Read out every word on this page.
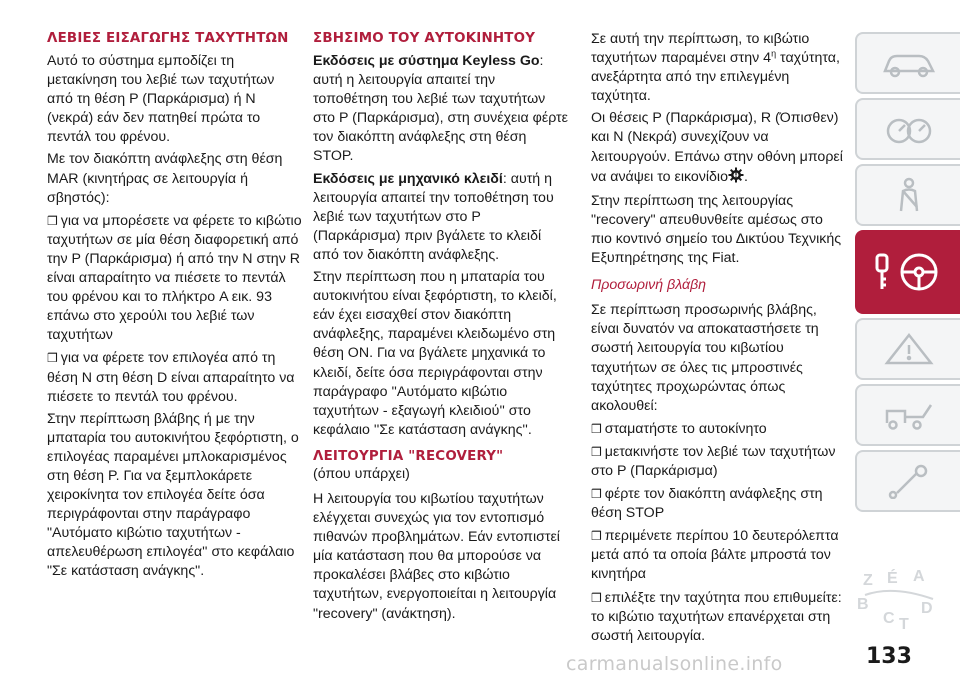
ΛΕΒΙΕΣ ΕΙΣΑΓΩΓΗΣ ΤΑΧΥΤΗΤΩΝ

Αυτό το σύστημα εμποδίζει τη μετακίνηση του λεβιέ των ταχυτήτων από τη θέση P (Παρκάρισμα) ή N (νεκρά) εάν δεν πατηθεί πρώτα το πεντάλ του φρένου.

Με τον διακόπτη ανάφλεξης στη θέση MAR (κινητήρας σε λειτουργία ή σβηστός):

❒ για να μπορέσετε να φέρετε το κιβώτιο ταχυτήτων σε μία θέση διαφορετική από την P (Παρκάρισμα) ή από την N στην R είναι απαραίτητο να πιέσετε το πεντάλ του φρένου και το πλήκτρο A εικ. 93 επάνω στο χερούλι του λεβιέ των ταχυτήτων

❒ για να φέρετε τον επιλογέα από τη θέση N στη θέση D είναι απαραίτητο να πιέσετε το πεντάλ του φρένου.

Στην περίπτωση βλάβης ή με την μπαταρία του αυτοκινήτου ξεφόρτιστη, ο επιλογέας παραμένει μπλοκαρισμένος στη θέση P. Για να ξεμπλοκάρετε χειροκίνητα τον επιλογέα δείτε όσα περιγράφονται στην παράγραφο "Αυτόματο κιβώτιο ταχυτήτων - απελευθέρωση επιλογέα'' στο κεφάλαιο "Σε κατάσταση ανάγκης".

ΣΒΗΣΙΜΟ ΤΟΥ ΑΥΤΟΚΙΝΗΤΟΥ

Εκδόσεις με σύστημα Keyless Go: αυτή η λειτουργία απαιτεί την τοποθέτηση του λεβιέ των ταχυτήτων στο P (Παρκάρισμα), στη συνέχεια φέρτε τον διακόπτη ανάφλεξης στη θέση STOP.

Εκδόσεις με μηχανικό κλειδί: αυτή η λειτουργία απαιτεί την τοποθέτηση του λεβιέ των ταχυτήτων στο P (Παρκάρισμα) πριν βγάλετε το κλειδί από τον διακόπτη ανάφλεξης.

Στην περίπτωση που η μπαταρία του αυτοκινήτου είναι ξεφόρτιστη, το κλειδί, εάν έχει εισαχθεί στον διακόπτη ανάφλεξης, παραμένει κλειδωμένο στη θέση ΟN. Για να βγάλετε μηχανικά το κλειδί, δείτε όσα περιγράφονται στην παράγραφο ''Αυτόματο κιβώτιο ταχυτήτων - εξαγωγή κλειδιού'' στο κεφάλαιο ''Σε κατάσταση ανάγκης''.

ΛΕΙΤΟΥΡΓΙΑ "RECOVERY"

(όπου υπάρχει)

Η λειτουργία του κιβωτίου ταχυτήτων ελέγχεται συνεχώς για τον εντοπισμό πιθανών προβλημάτων. Εάν εντοπιστεί μία κατάσταση που θα μπορούσε να προκαλέσει βλάβες στο κιβώτιο ταχυτήτων, ενεργοποιείται η λειτουργία "recovery" (ανάκτηση).

Σε αυτή την περίπτωση, το κιβώτιο ταχυτήτων παραμένει στην $4^\eta$ ταχύτητα, ανεξάρτητα από την επιλεγμένη ταχύτητα.

Οι θέσεις P (Παρκάρισμα), R (Όπισθεν) και N (Νεκρά) συνεχίζουν να λειτουργούν. Επάνω στην οθόνη μπορεί να ανάψει το εικονίδιο .

Στην περίπτωση της λειτουργίας "recovery" απευθυνθείτε αμέσως στο πιο κοντινό σημείο του Δικτύου Τεχνικής Εξυπηρέτησης της Fiat.

Προσωρινή βλάβη

Σε περίπτωση προσωρινής βλάβης, είναι δυνατόν να αποκαταστήσετε τη σωστή λειτουργία του κιβωτίου ταχυτήτων σε όλες τις μπροστινές ταχύτητες προχωρώντας όπως ακολουθεί:

❒ σταματήστε το αυτοκίνητο

❒ μετακινήστε τον λεβιέ των ταχυτήτων στο P (Παρκάρισμα)

❒ φέρτε τον διακόπτη ανάφλεξης στη θέση STOP

❒ περιμένετε περίπου 10 δευτερόλεπτα μετά από τα οποία βάλτε μπροστά τον κινητήρα

❒ επιλέξτε την ταχύτητα που επιθυμείτε: το κιβώτιο ταχυτήτων επανέρχεται στη σωστή λειτουργία.

Z É A
B
C
D
T
carmanualsonline.info	133
